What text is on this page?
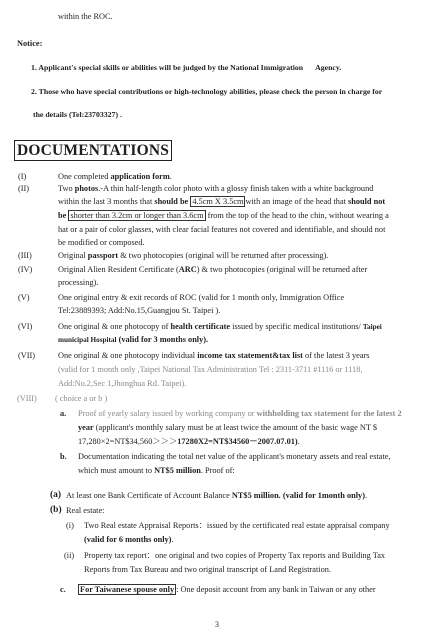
within the ROC.
Notice:
1. Applicant's special skills or abilities will be judged by the National Immigration Agency.
2. Those who have special contributions or high-technology abilities, please check the person in charge for
the details (Tel:23703327) .
DOCUMENTATIONS
(I)	One completed application form.
(II)	Two photos.-A thin half-length color photo with a glossy finish taken with a white background
within the last 3 months that should be 4.5cm X 3.5cm with an image of the head that should not
be shorter than 3.2cm or longer than 3.6cm from the top of the head to the chin, without wearing a
hat or a pair of color glasses, with clear facial features not covered and identifiable, and should not
be modified or composed.
(III)	Original passport & two photocopies (original will be returned after processing).
(IV)	Original Alien Resident Certificate (ARC) & two photocopies (original will be returned after
processing).
(V)	One original entry & exit records of ROC (valid for 1 month only, Immigration Office
Tel:23889393; Add:No.15,Guangjou St. Taipei ).
(VI)	One original & one photocopy of health certificate issued by specific medical institutions/ Taipei
municipal Hospital (valid for 3 months only).
(VII)	One original & one photocopy individual income tax statement&tax list of the latest 3 years
(valid for 1 month only ,Taipei National Tax Administration Tel : 2311-3711 #1116 or 1118,
Add:No.2,Sec 1,Jhonghua Rd. Taipei).
(VIII) ( choice a or b )
a. Proof of yearly salary issued by working company or withholding tax statement for the latest 2
year (applicant's monthly salary must be at least twice the amount of the basic wage NT $
17,280×2=NT$34,560＞＞＞17280X2=NT$34560－2007.07.01).
b. Documentation indicating the total net value of the applicant's monetary assets and real estate,
which must amount to NT$5 million. Proof of:
(a) At least one Bank Certificate of Account Balance NT$5 million. (valid for 1month only).
(b) Real estate:
(i) Two Real estate Appraisal Reports：issued by the certificated real estate appraisal company
(valid for 6 months only).
(ii) Property tax report：one original and two copies of Property Tax reports and Building Tax
Reports from Tax Bureau and two original transcript of Land Registration.
c. For Taiwanese spouse only : One deposit account from any bank in Taiwan or any other
3
